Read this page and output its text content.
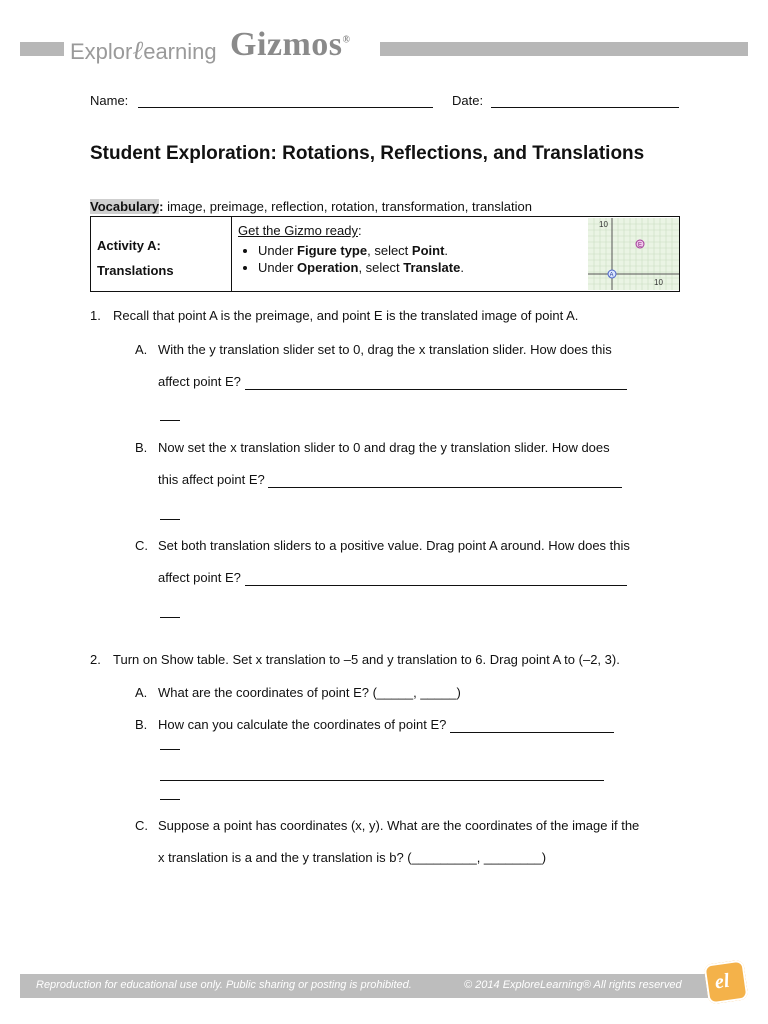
Explorℓearning Gizmos®
Name:	Date:
Student Exploration: Rotations, Reflections, and Translations
Vocabulary: image, preimage, reflection, rotation, transformation, translation
Activity A:
Translations

Get the Gizmo ready:
• Under Figure type, select Point.
• Under Operation, select Translate.
10
10
A
E
1. Recall that point A is the preimage, and point E is the translated image of point A.
A. With the y translation slider set to 0, drag the x translation slider. How does this
affect point E?
B. Now set the x translation slider to 0 and drag the y translation slider. How does
this affect point E?
C. Set both translation sliders to a positive value. Drag point A around. How does this
affect point E?
2. Turn on Show table. Set x translation to –5 and y translation to 6. Drag point A to (–2, 3).
A. What are the coordinates of point E? (_____, _____)
B. How can you calculate the coordinates of point E?
C. Suppose a point has coordinates (x, y). What are the coordinates of the image if the
x translation is a and the y translation is b? (_________, ________)
Reproduction for educational use only. Public sharing or posting is prohibited.	© 2014 ExploreLearning® All rights reserved el
